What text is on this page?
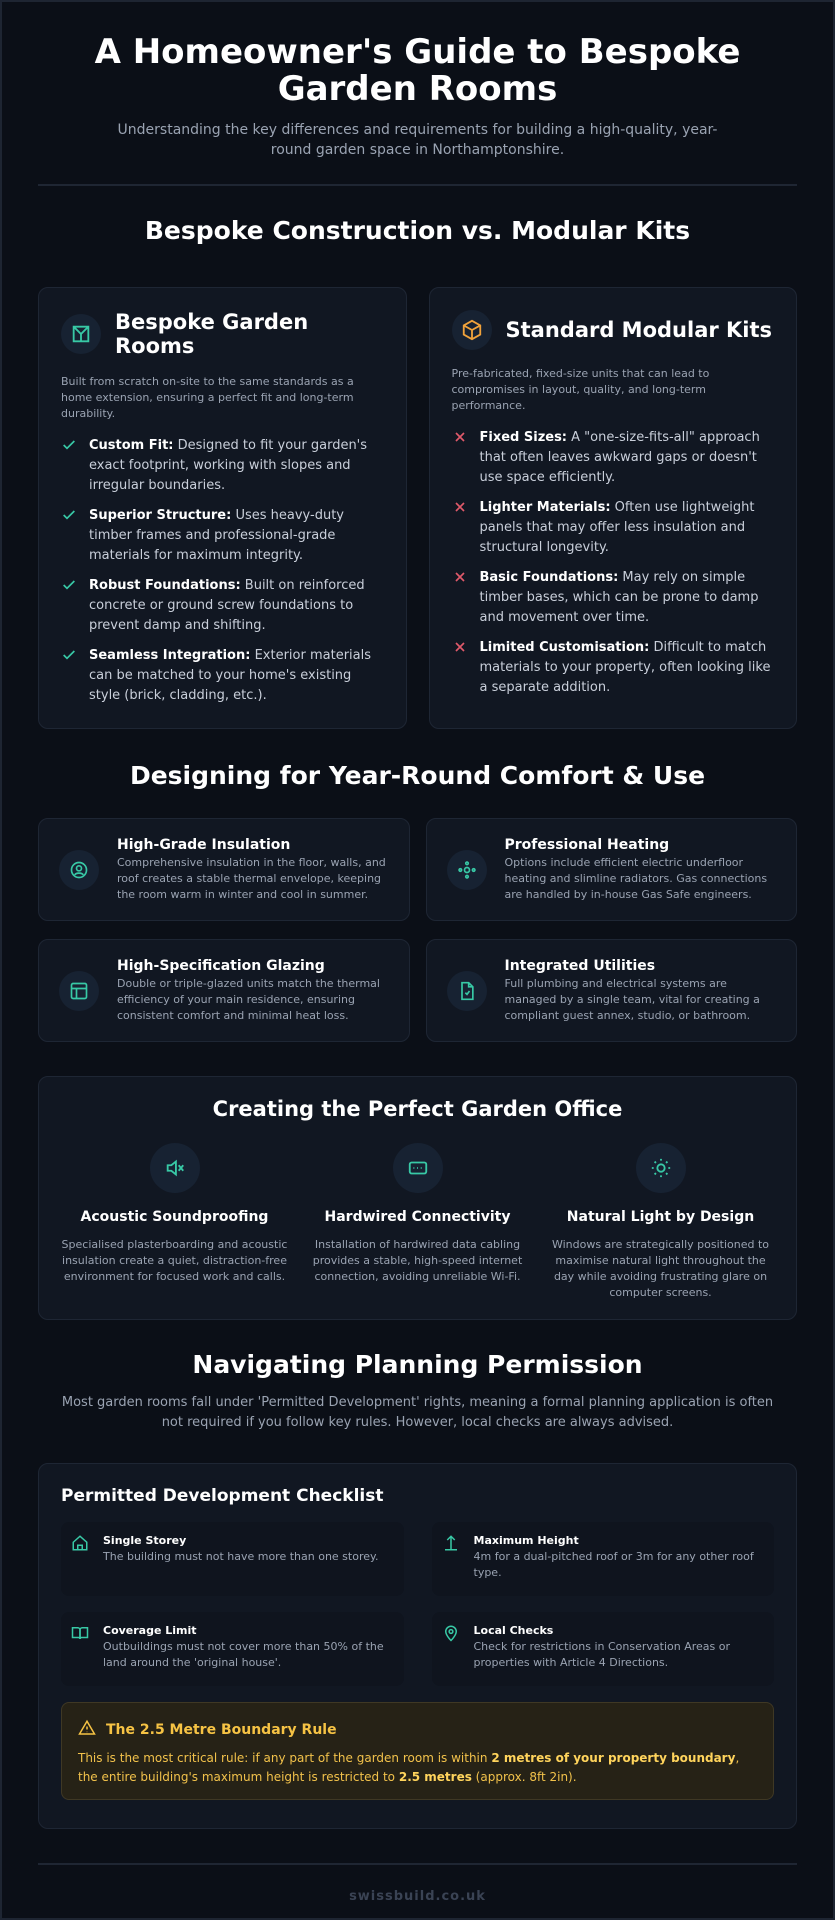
A Homeowner's Guide to Bespoke Garden Rooms

Understanding the key differences and requirements for building a high-quality, year-round garden space in Northamptonshire.

Bespoke Construction vs. Modular Kits
Bespoke Garden Rooms

Built from scratch on-site to the same standards as a home extension, ensuring a perfect fit and long-term durability.

Custom Fit: Designed to fit your garden's exact footprint, working with slopes and irregular boundaries.
Superior Structure: Uses heavy-duty timber frames and professional-grade materials for maximum integrity.
Robust Foundations: Built on reinforced concrete or ground screw foundations to prevent damp and shifting.
Seamless Integration: Exterior materials can be matched to your home's existing style (brick, cladding, etc.).
Standard Modular Kits

Pre-fabricated, fixed-size units that can lead to compromises in layout, quality, and long-term performance.

Fixed Sizes: A "one-size-fits-all" approach that often leaves awkward gaps or doesn't use space efficiently.
Lighter Materials: Often use lightweight panels that may offer less insulation and structural longevity.
Basic Foundations: May rely on simple timber bases, which can be prone to damp and movement over time.
Limited Customisation: Difficult to match materials to your property, often looking like a separate addition.
Designing for Year-Round Comfort & Use
High-Grade Insulation
Comprehensive insulation in the floor, walls, and roof creates a stable thermal envelope, keeping the room warm in winter and cool in summer.
Professional Heating
Options include efficient electric underfloor heating and slimline radiators. Gas connections are handled by in-house Gas Safe engineers.
High-Specification Glazing
Double or triple-glazed units match the thermal efficiency of your main residence, ensuring consistent comfort and minimal heat loss.
Integrated Utilities
Full plumbing and electrical systems are managed by a single team, vital for creating a compliant guest annex, studio, or bathroom.
Creating the Perfect Garden Office
Acoustic Soundproofing
Specialised plasterboarding and acoustic insulation create a quiet, distraction-free environment for focused work and calls.
Hardwired Connectivity
Installation of hardwired data cabling provides a stable, high-speed internet connection, avoiding unreliable Wi-Fi.
Natural Light by Design
Windows are strategically positioned to maximise natural light throughout the day while avoiding frustrating glare on computer screens.
Navigating Planning Permission

Most garden rooms fall under 'Permitted Development' rights, meaning a formal planning application is often not required if you follow key rules. However, local checks are always advised.

Permitted Development Checklist
Single Storey
The building must not have more than one storey.
Maximum Height
4m for a dual-pitched roof or 3m for any other roof type.
Coverage Limit
Outbuildings must not cover more than 50% of the land around the 'original house'.
Local Checks
Check for restrictions in Conservation Areas or properties with Article 4 Directions.
The 2.5 Metre Boundary Rule

This is the most critical rule: if any part of the garden room is within 2 metres of your property boundary, the entire building's maximum height is restricted to 2.5 metres (approx. 8ft 2in).

swissbuild.co.uk
